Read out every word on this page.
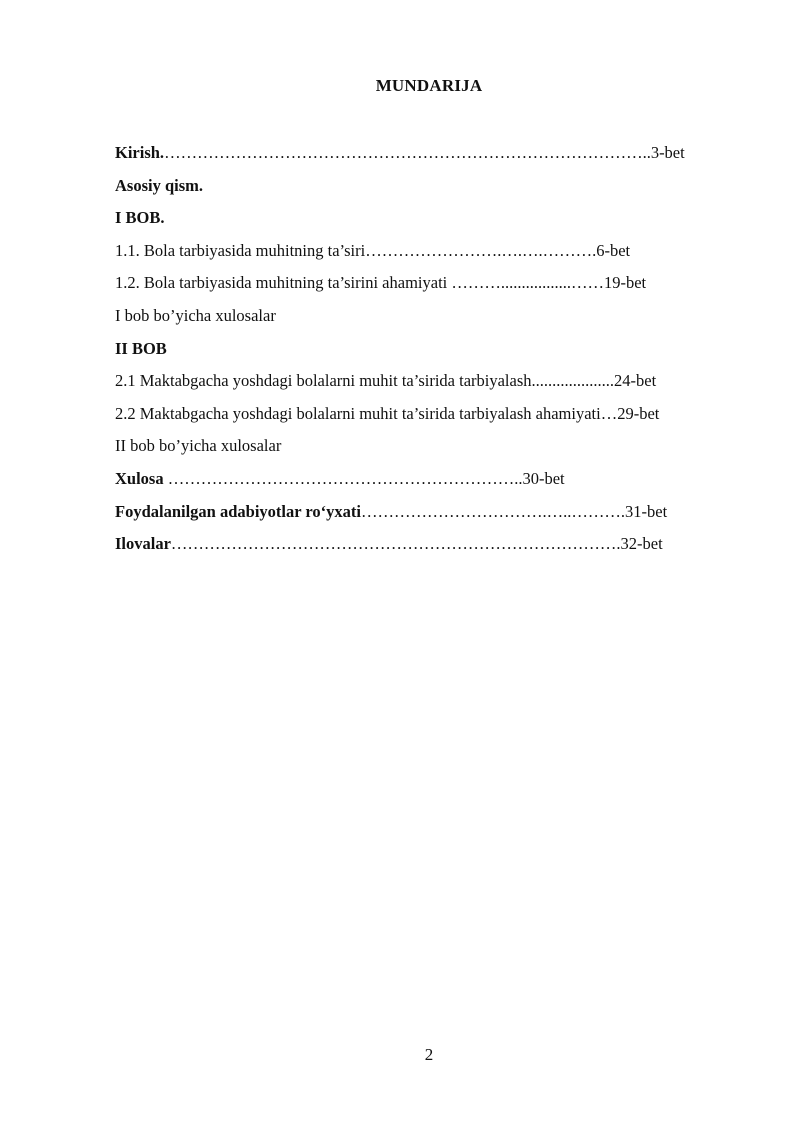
MUNDARIJA
Kirish.……………………………………………………………………………..3-bet
Asosiy qism.
I BOB.
1.1. Bola tarbiyasida muhitning ta’siri…………………….….….……….6-bet
1.2. Bola tarbiyasida muhitning ta’sirini ahamiyati ……….................……19-bet
I bob bo’yicha xulosalar
II BOB
2.1 Maktabgacha yoshdagi bolalarni muhit ta’sirida tarbiyalash....................24-bet
2.2 Maktabgacha yoshdagi bolalarni muhit ta’sirida tarbiyalash ahamiyati…29-bet
II bob bo’yicha xulosalar
Xulosa ………………………………………………………..30-bet
Foydalanilgan adabiyotlar ro‘yxati…………………………….…..……….31-bet
Ilovalar……………………………………………………………………….32-bet
2
